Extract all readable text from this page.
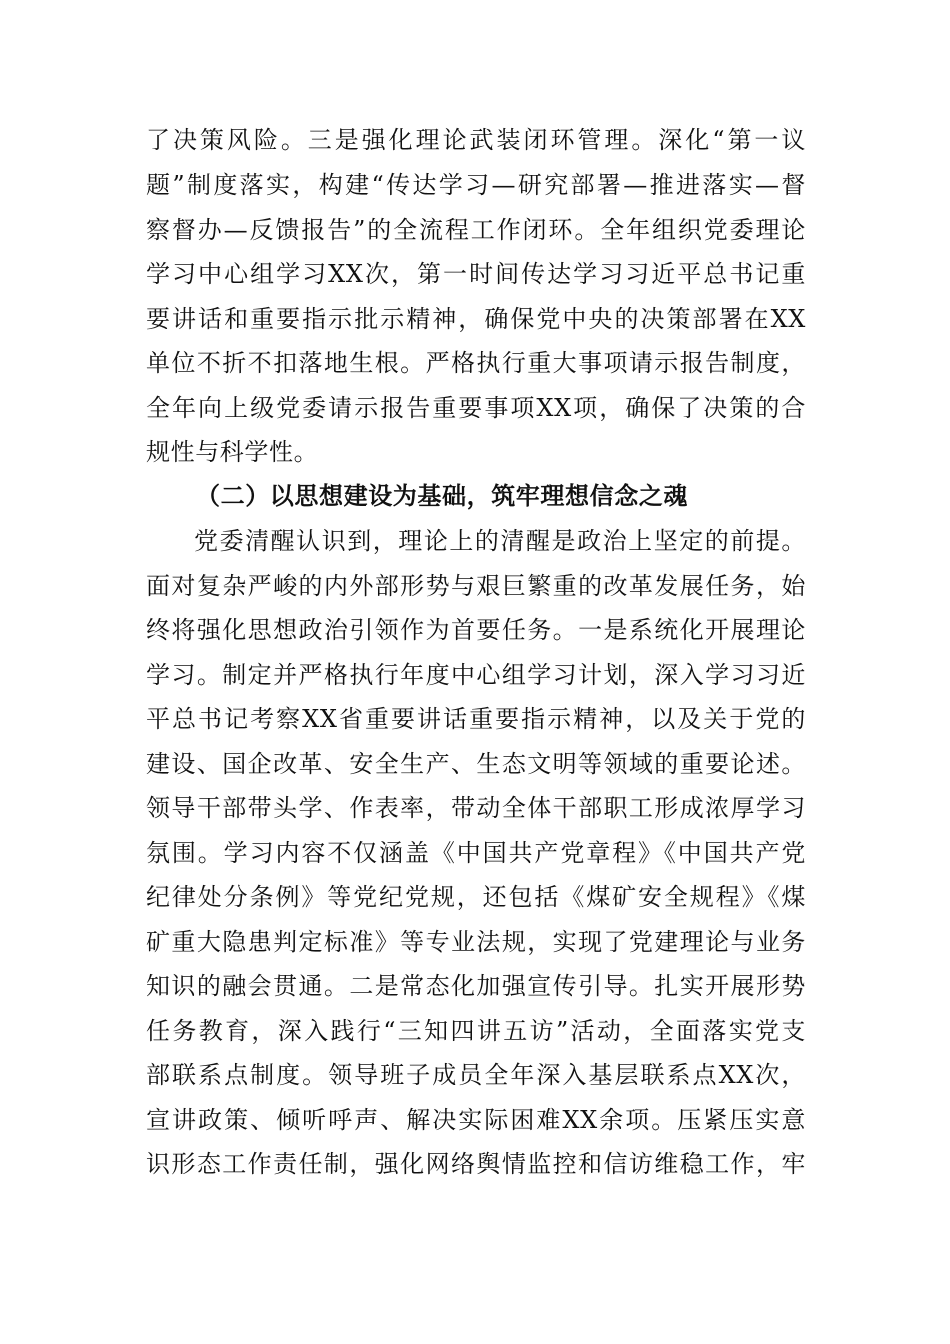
了决策风险。三是强化理论武装闭环管理。深化“第一议
题”制度落实，构建“传达学习—研究部署—推进落实—督
察督办—反馈报告”的全流程工作闭环。全年组织党委理论
学习中心组学习XX次，第一时间传达学习习近平总书记重
要讲话和重要指示批示精神，确保党中央的决策部署在XX
单位不折不扣落地生根。严格执行重大事项请示报告制度，
全年向上级党委请示报告重要事项XX项，确保了决策的合
规性与科学性。
（二）以思想建设为基础，筑牢理想信念之魂
党委清醒认识到，理论上的清醒是政治上坚定的前提。
面对复杂严峻的内外部形势与艰巨繁重的改革发展任务，始
终将强化思想政治引领作为首要任务。一是系统化开展理论
学习。制定并严格执行年度中心组学习计划，深入学习习近
平总书记考察XX省重要讲话重要指示精神，以及关于党的
建设、国企改革、安全生产、生态文明等领域的重要论述。
领导干部带头学、作表率，带动全体干部职工形成浓厚学习
氛围。学习内容不仅涵盖《中国共产党章程》《中国共产党
纪律处分条例》等党纪党规，还包括《煤矿安全规程》《煤
矿重大隐患判定标准》等专业法规，实现了党建理论与业务
知识的融会贯通。二是常态化加强宣传引导。扎实开展形势
任务教育，深入践行“三知四讲五访”活动，全面落实党支
部联系点制度。领导班子成员全年深入基层联系点XX次，
宣讲政策、倾听呼声、解决实际困难XX余项。压紧压实意
识形态工作责任制，强化网络舆情监控和信访维稳工作，牢
